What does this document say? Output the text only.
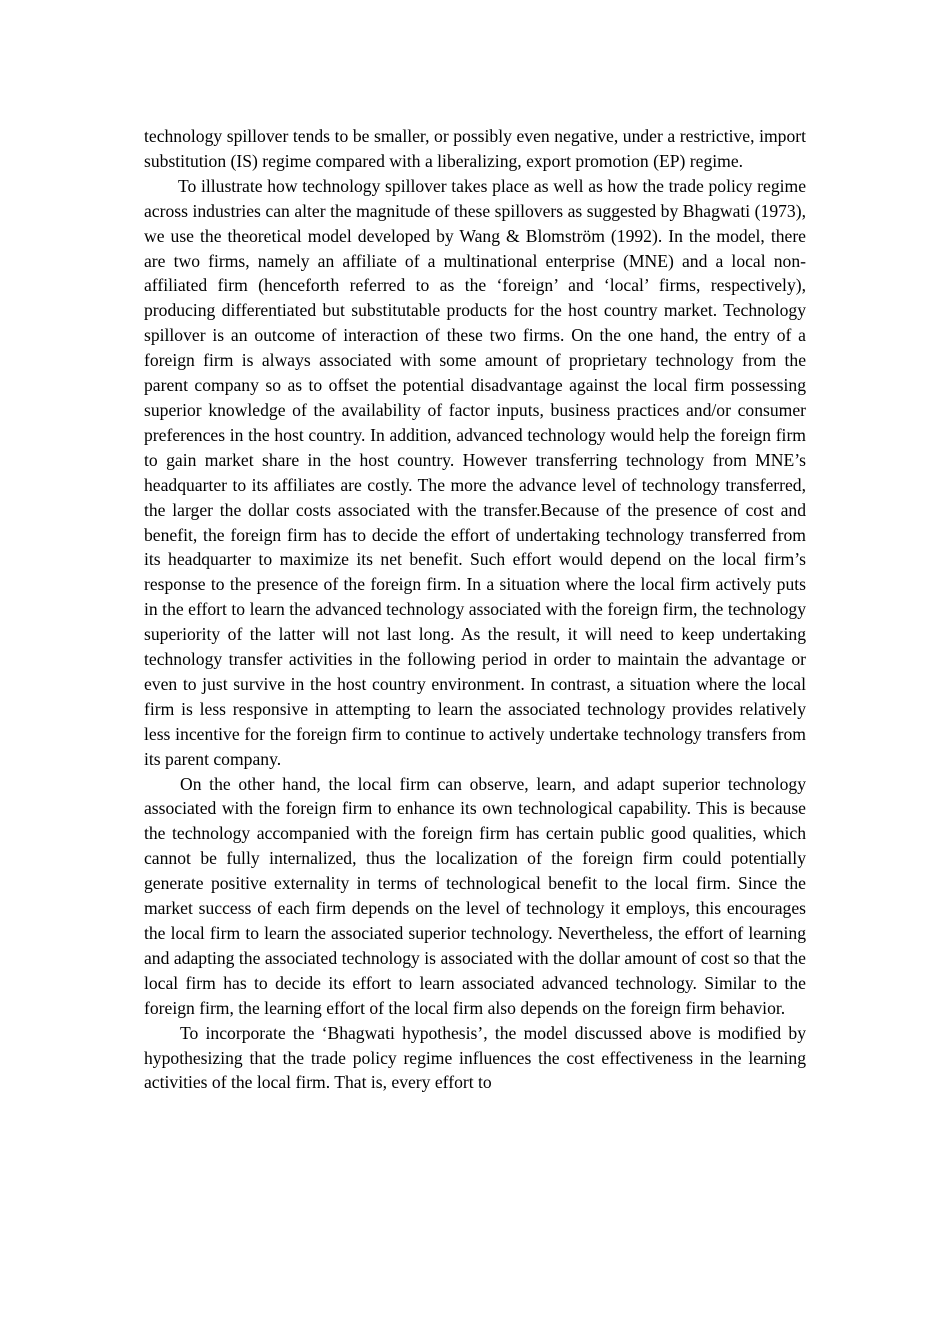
technology spillover tends to be smaller, or possibly even negative, under a restrictive, import substitution (IS) regime compared with a liberalizing, export promotion (EP) regime.

To illustrate how technology spillover takes place as well as how the trade policy regime across industries can alter the magnitude of these spillovers as suggested by Bhagwati (1973), we use the theoretical model developed by Wang & Blomström (1992). In the model, there are two firms, namely an affiliate of a multinational enterprise (MNE) and a local non-affiliated firm (henceforth referred to as the ‘foreign’ and ‘local’ firms, respectively), producing differentiated but substitutable products for the host country market. Technology spillover is an outcome of interaction of these two firms. On the one hand, the entry of a foreign firm is always associated with some amount of proprietary technology from the parent company so as to offset the potential disadvantage against the local firm possessing superior knowledge of the availability of factor inputs, business practices and/or consumer preferences in the host country. In addition, advanced technology would help the foreign firm to gain market share in the host country. However transferring technology from MNE’s headquarter to its affiliates are costly. The more the advance level of technology transferred, the larger the dollar costs associated with the transfer.Because of the presence of cost and benefit, the foreign firm has to decide the effort of undertaking technology transferred from its headquarter to maximize its net benefit. Such effort would depend on the local firm’s response to the presence of the foreign firm. In a situation where the local firm actively puts in the effort to learn the advanced technology associated with the foreign firm, the technology superiority of the latter will not last long. As the result, it will need to keep undertaking technology transfer activities in the following period in order to maintain the advantage or even to just survive in the host country environment. In contrast, a situation where the local firm is less responsive in attempting to learn the associated technology provides relatively less incentive for the foreign firm to continue to actively undertake technology transfers from its parent company.

On the other hand, the local firm can observe, learn, and adapt superior technology associated with the foreign firm to enhance its own technological capability. This is because the technology accompanied with the foreign firm has certain public good qualities, which cannot be fully internalized, thus the localization of the foreign firm could potentially generate positive externality in terms of technological benefit to the local firm. Since the market success of each firm depends on the level of technology it employs, this encourages the local firm to learn the associated superior technology. Nevertheless, the effort of learning and adapting the associated technology is associated with the dollar amount of cost so that the local firm has to decide its effort to learn associated advanced technology. Similar to the foreign firm, the learning effort of the local firm also depends on the foreign firm behavior.

To incorporate the ‘Bhagwati hypothesis’, the model discussed above is modified by hypothesizing that the trade policy regime influences the cost effectiveness in the learning activities of the local firm. That is, every effort to
